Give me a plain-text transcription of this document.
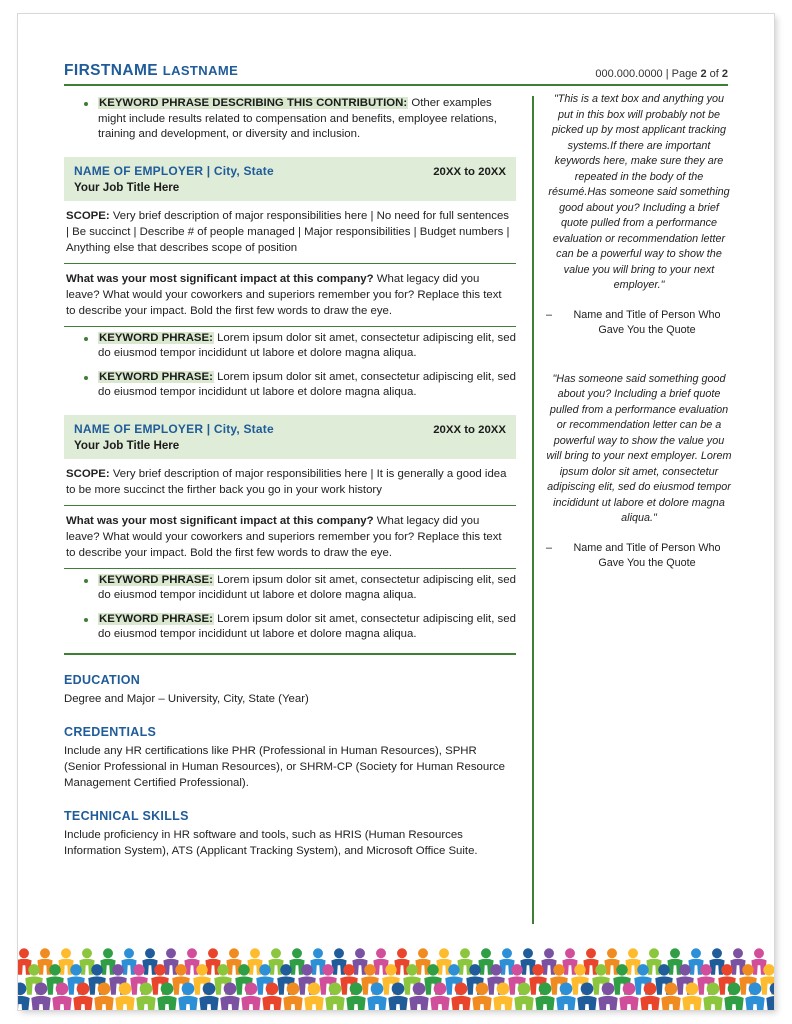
FIRSTNAME LASTNAME	000.000.0000 | Page 2 of 2
KEYWORD PHRASE DESCRIBING THIS CONTRIBUTION: Other examples might include results related to compensation and benefits, employee relations, training and development, or diversity and inclusion.
NAME OF EMPLOYER | City, State	20XX to 20XX
Your Job Title Here
SCOPE: Very brief description of major responsibilities here | No need for full sentences | Be succinct | Describe # of people managed | Major responsibilities | Budget numbers | Anything else that describes scope of position
What was your most significant impact at this company? What legacy did you leave? What would your coworkers and superiors remember you for? Replace this text to describe your impact. Bold the first few words to draw the eye.
KEYWORD PHRASE: Lorem ipsum dolor sit amet, consectetur adipiscing elit, sed do eiusmod tempor incididunt ut labore et dolore magna aliqua.
KEYWORD PHRASE: Lorem ipsum dolor sit amet, consectetur adipiscing elit, sed do eiusmod tempor incididunt ut labore et dolore magna aliqua.
NAME OF EMPLOYER | City, State	20XX to 20XX
Your Job Title Here
SCOPE: Very brief description of major responsibilities here | It is generally a good idea to be more succinct the firther back you go in your work history
What was your most significant impact at this company? What legacy did you leave? What would your coworkers and superiors remember you for? Replace this text to describe your impact. Bold the first few words to draw the eye.
KEYWORD PHRASE: Lorem ipsum dolor sit amet, consectetur adipiscing elit, sed do eiusmod tempor incididunt ut labore et dolore magna aliqua.
KEYWORD PHRASE: Lorem ipsum dolor sit amet, consectetur adipiscing elit, sed do eiusmod tempor incididunt ut labore et dolore magna aliqua.
EDUCATION
Degree and Major – University, City, State (Year)
CREDENTIALS
Include any HR certifications like PHR (Professional in Human Resources), SPHR (Senior Professional in Human Resources), or SHRM-CP (Society for Human Resource Management Certified Professional).
TECHNICAL SKILLS
Include proficiency in HR software and tools, such as HRIS (Human Resources Information System), ATS (Applicant Tracking System), and Microsoft Office Suite.
"This is a text box and anything you put in this box will probably not be picked up by most applicant tracking systems.If there are important keywords here, make sure they are repeated in the body of the résumé.Has someone said something good about you? Including a brief quote pulled from a performance evaluation or recommendation letter can be a powerful way to show the value you will bring to your next employer."
–	Name and Title of Person Who Gave You the Quote
"Has someone said something good about you? Including a brief quote pulled from a performance evaluation or recommendation letter can be a powerful way to show the value you will bring to your next employer. Lorem ipsum dolor sit amet, consectetur adipiscing elit, sed do eiusmod tempor incididunt ut labore et dolore magna aliqua."
–	Name and Title of Person Who Gave You the Quote
